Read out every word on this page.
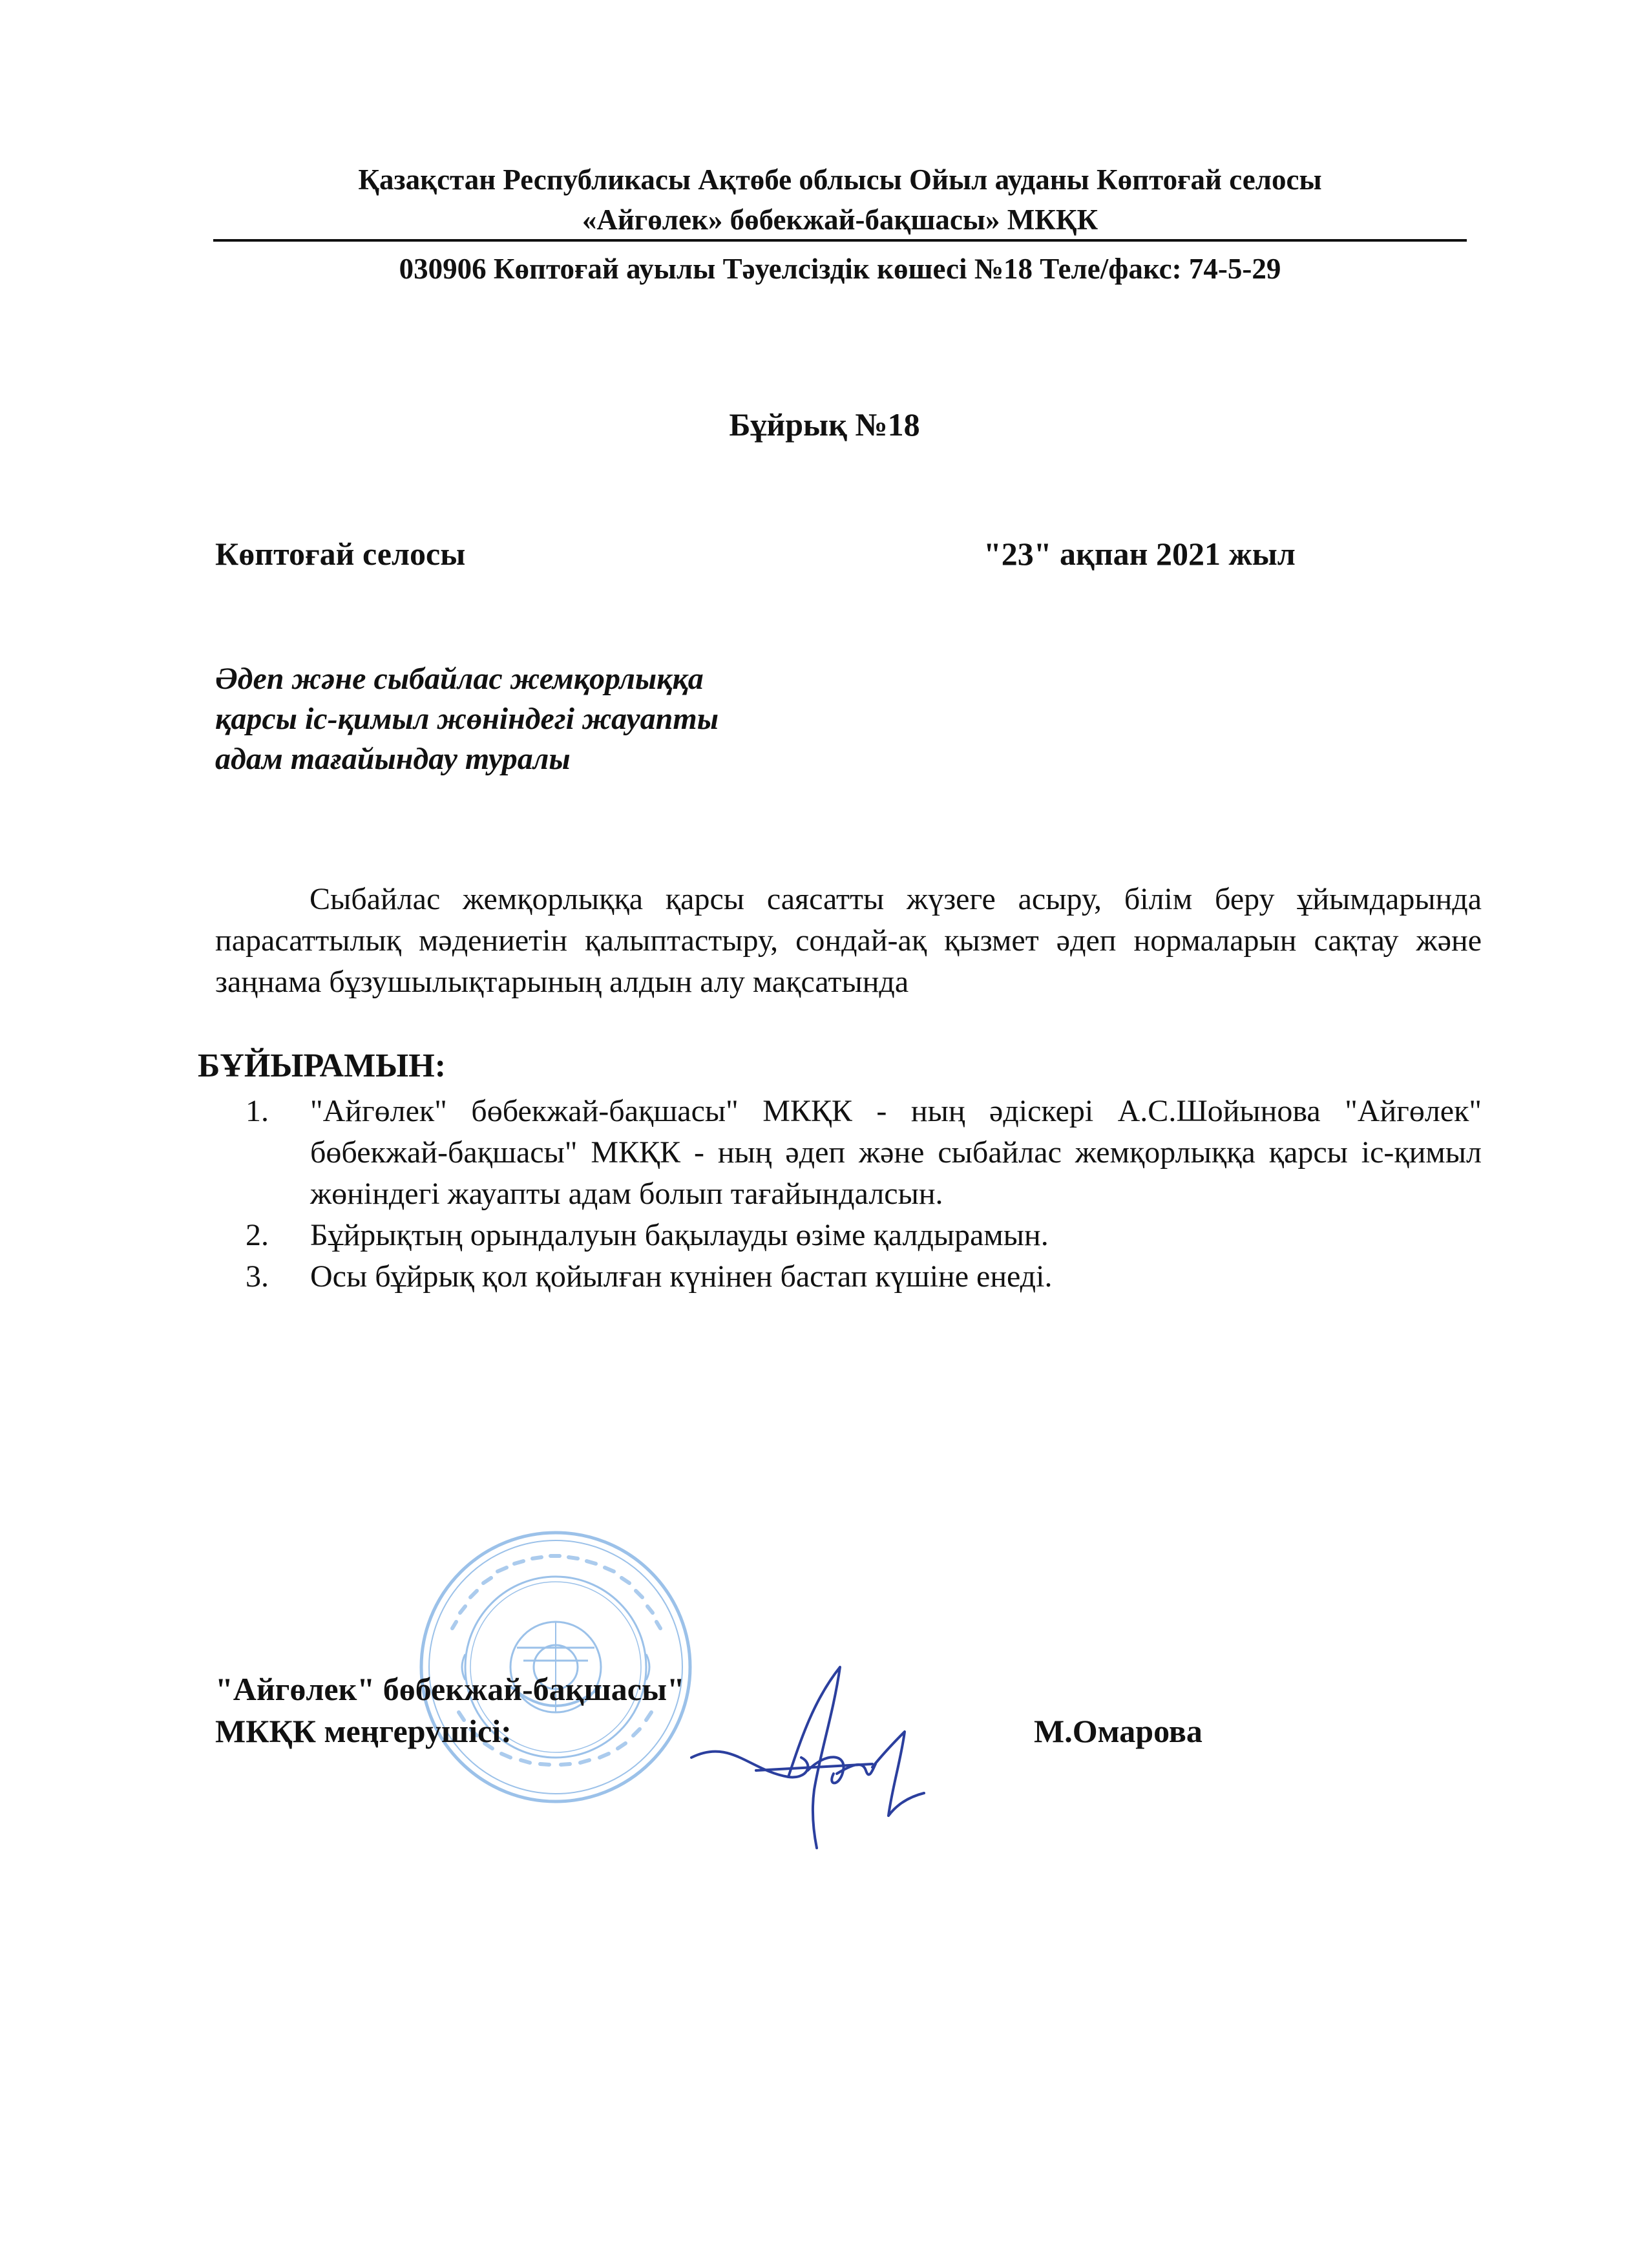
Қазақстан Республикасы Ақтөбе облысы Ойыл ауданы Көптоғай селосы
«Айгөлек» бөбекжай-бақшасы» МКҚК
030906 Көптоғай ауылы Тәуелсіздік көшесі №18 Теле/факс: 74-5-29
Бұйрық №18
Көптоғай селосы	"23" ақпан 2021 жыл
Әдеп және сыбайлас жемқорлыққа
қарсы іс-қимыл жөніндегі жауапты
адам тағайындау туралы
Сыбайлас жемқорлыққа қарсы саясатты жүзеге асыру, білім беру ұйымдарында парасаттылық мәдениетін қалыптастыру, сондай-ақ қызмет әдеп нормаларын сақтау және заңнама бұзушылықтарының алдын алу мақсатында
БҰЙЫРАМЫН:
1. "Айгөлек" бөбекжай-бақшасы" МКҚК - ның әдіскері А.С.Шойынова "Айгөлек" бөбекжай-бақшасы" МКҚК - ның әдеп және сыбайлас жемқорлыққа қарсы іс-қимыл жөніндегі жауапты адам болып тағайындалсын.
2. Бұйрықтың орындалуын бақылауды өзіме қалдырамын.
3. Осы бұйрық қол қойылған күнінен бастап күшіне енеді.
"Айгөлек" бөбекжай-бақшасы"
МКҚК меңгерушісі:	М.Омарова
